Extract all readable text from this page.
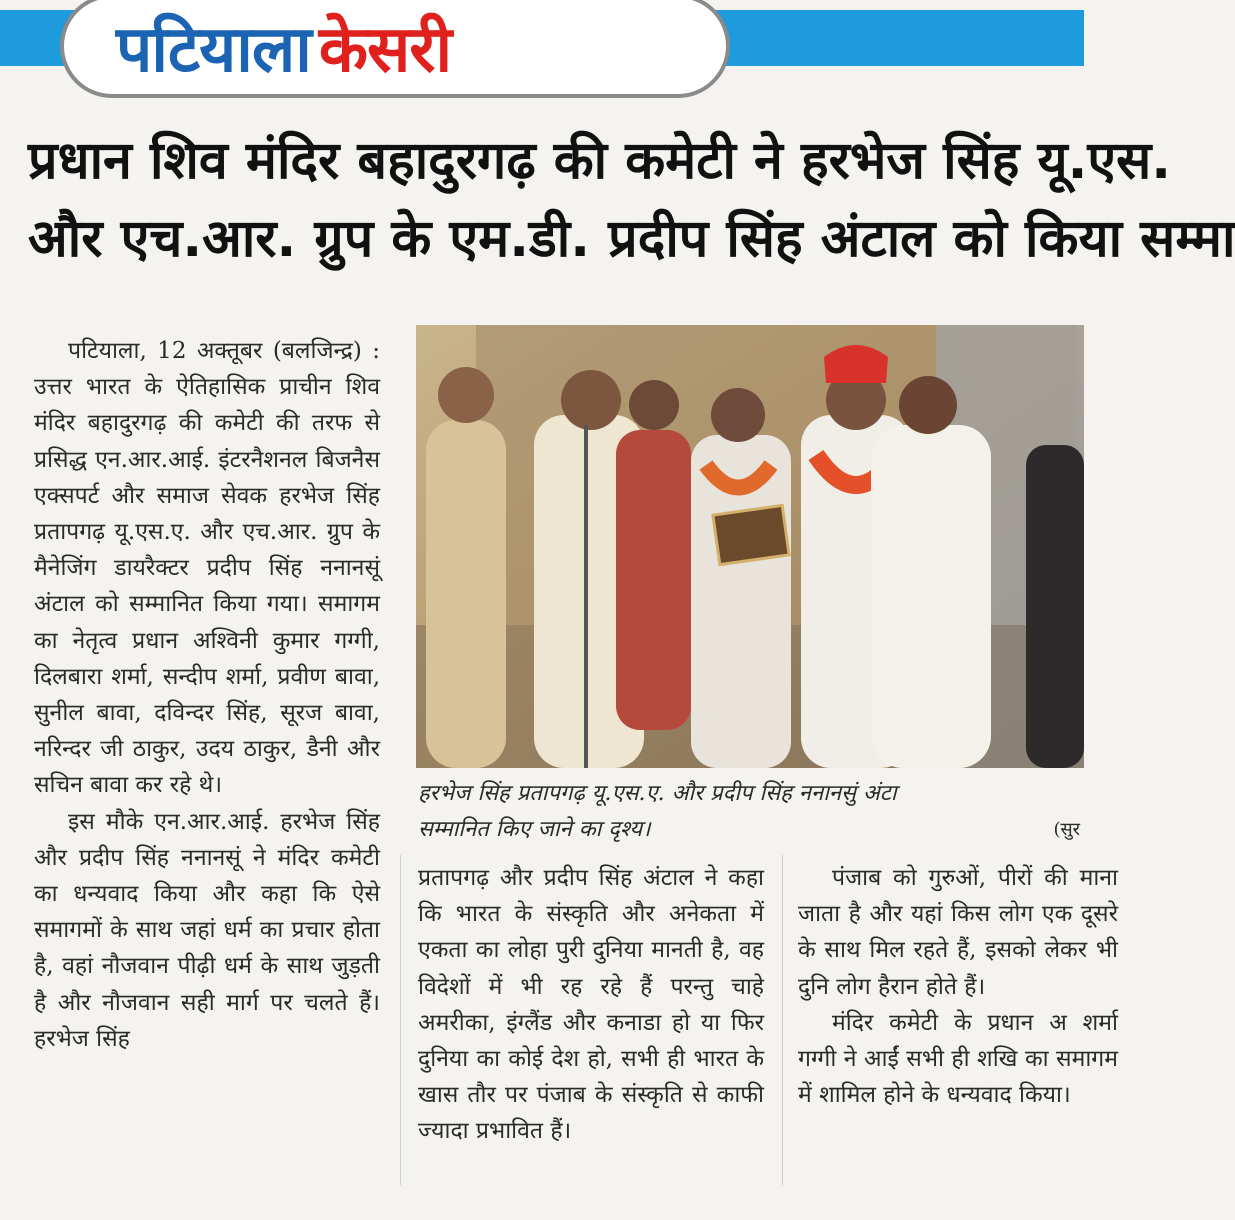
पटियाला केसरी
प्रधान शिव मंदिर बहादुरगढ़ की कमेटी ने हरभेज सिंह यू.एस.
और एच.आर. ग्रुप के एम.डी. प्रदीप सिंह अंटाल को किया सम्मा

पटियाला, 12 अक्तूबर (बलजिन्द्र) : उत्तर भारत के ऐतिहासिक प्राचीन शिव मंदिर बहादुरगढ़ की कमेटी की तरफ से प्रसिद्ध एन.आर.आई. इंटरनैशनल बिजनैस एक्सपर्ट और समाज सेवक हरभेज सिंह प्रतापगढ़ यू.एस.ए. और एच.आर. ग्रुप के मैनेजिंग डायरैक्टर प्रदीप सिंह ननानसूं अंटाल को सम्मानित किया गया। समागम का नेतृत्व प्रधान अश्विनी कुमार गग्गी, दिलबारा शर्मा, सन्दीप शर्मा, प्रवीण बावा, सुनील बावा, दविन्दर सिंह, सूरज बावा, नरिन्दर जी ठाकुर, उदय ठाकुर, डैनी और सचिन बावा कर रहे थे।

इस मौके एन.आर.आई. हरभेज सिंह और प्रदीप सिंह ननानसूं ने मंदिर कमेटी का धन्यवाद किया और कहा कि ऐसे समागमों के साथ जहां धर्म का प्रचार होता है, वहां नौजवान पीढ़ी धर्म के साथ जुड़ती है और नौजवान सही मार्ग पर चलते हैं। हरभेज सिंह

हरभेज सिंह प्रतापगढ़ यू.एस.ए. और प्रदीप सिंह ननानसुं अंटा
सम्मानित किए जाने का दृश्य।	(सुर

प्रतापगढ़ और प्रदीप सिंह अंटाल ने कहा कि भारत के संस्कृति और अनेकता में एकता का लोहा पुरी दुनिया मानती है, वह विदेशों में भी रह रहे हैं परन्तु चाहे अमरीका, इंग्लैंड और कनाडा हो या फिर दुनिया का कोई देश हो, सभी ही भारत के खास तौर पर पंजाब के संस्कृति से काफी ज्यादा प्रभावित हैं।

पंजाब को गुरुओं, पीरों की माना जाता है और यहां किस लोग एक दूसरे के साथ मिल रहते हैं, इसको लेकर भी दुनि लोग हैरान होते हैं।

मंदिर कमेटी के प्रधान अ शर्मा गग्गी ने आईं सभी ही शखि का समागम में शामिल होने के धन्यवाद किया।
